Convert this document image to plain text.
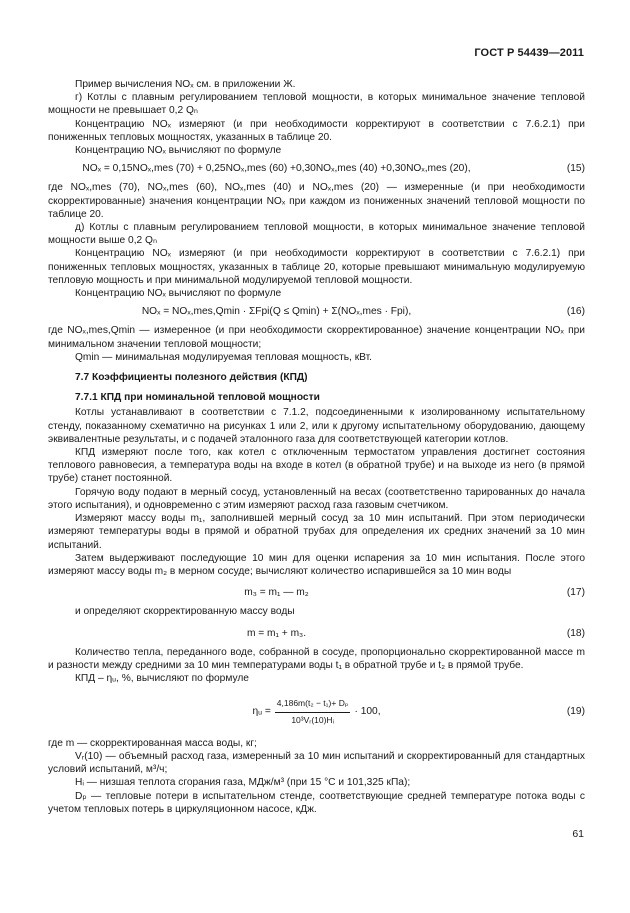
ГОСТ Р 54439—2011

Пример вычисления NOₓ см. в приложении Ж.

г) Котлы с плавным регулированием тепловой мощности, в которых минимальное значение тепловой мощности не превышает 0,2 Qₙ

Концентрацию NOₓ измеряют (и при необходимости корректируют в соответствии с 7.6.2.1) при пониженных тепловых мощностях, указанных в таблице 20.

Концентрацию NOₓ вычисляют по формуле

NOₓ = 0,15NOₓ,mes (70) + 0,25NOₓ,mes (60) +0,30NOₓ,mes (40) +0,30NOₓ,mes (20),	(15)

где NOₓ,mes (70), NOₓ,mes (60), NOₓ,mes (40) и NOₓ,mes (20) — измеренные (и при необходимости скорректированные) значения концентрации NOₓ при каждом из пониженных значений тепловой мощности по таблице 20.

д) Котлы с плавным регулированием тепловой мощности, в которых минимальное значение тепловой мощности выше 0,2 Qₙ

Концентрацию NOₓ измеряют (и при необходимости корректируют в соответствии с 7.6.2.1) при пониженных тепловых мощностях, указанных в таблице 20, которые превышают минимальную модулируемую тепловую мощность и при минимальной модулируемой тепловой мощности.

Концентрацию NOₓ вычисляют по формуле

NOₓ = NOₓ,mes,Qmin · ΣFpi(Q ≤ Qmin) + Σ(NOₓ,mes · Fpi),	(16)

где NOₓ,mes,Qmin — измеренное (и при необходимости скорректированное) значение концентрации NOₓ при минимальном значении тепловой мощности;

Qmin — минимальная модулируемая тепловая мощность, кВт.

7.7 Коэффициенты полезного действия (КПД)

7.7.1 КПД при номинальной тепловой мощности

Котлы устанавливают в соответствии с 7.1.2, подсоединенными к изолированному испытательному стенду, показанному схематично на рисунках 1 или 2, или к другому испытательному оборудованию, дающему эквивалентные результаты, и с подачей эталонного газа для соответствующей категории котлов.

КПД измеряют после того, как котел с отключенным термостатом управления достигнет состояния теплового равновесия, а температура воды на входе в котел (в обратной трубе) и на выходе из него (в прямой трубе) станет постоянной.

Горячую воду подают в мерный сосуд, установленный на весах (соответственно тарированных до начала этого испытания), и одновременно с этим измеряют расход газа газовым счетчиком.

Измеряют массу воды m₁, заполнившей мерный сосуд за 10 мин испытаний. При этом периодически измеряют температуры воды в прямой и обратной трубах для определения их средних значений за 10 мин испытаний.

Затем выдерживают последующие 10 мин для оценки испарения за 10 мин испытания. После этого измеряют массу воды m₂ в мерном сосуде; вычисляют количество испарившейся за 10 мин воды

m₃ = m₁ — m₂	(17)

и определяют скорректированную массу воды

m = m₁ + m₃.	(18)

Количество тепла, переданного воде, собранной в сосуде, пропорционально скорректированной массе m и разности между средними за 10 мин температурами воды t₁ в обратной трубе и t₂ в прямой трубе.

КПД – ηᵤ, %, вычисляют по формуле

ηᵤ = $\frac{\text{4,186m(t₂ − t₁)+ Dₚ}}{\text{10³Vᵣ(10)Hᵢ}} \cdot 100$,	(19)

где m — скорректированная масса воды, кг;

Vᵣ(10) — объемный расход газа, измеренный за 10 мин испытаний и скорректированный для стандартных условий испытаний, м³/ч;

Hᵢ — низшая теплота сгорания газа, МДж/м³ (при 15 °С и 101,325 кПа);

Dₚ — тепловые потери в испытательном стенде, соответствующие средней температуре потока воды с учетом тепловых потерь в циркуляционном насосе, кДж.

61
